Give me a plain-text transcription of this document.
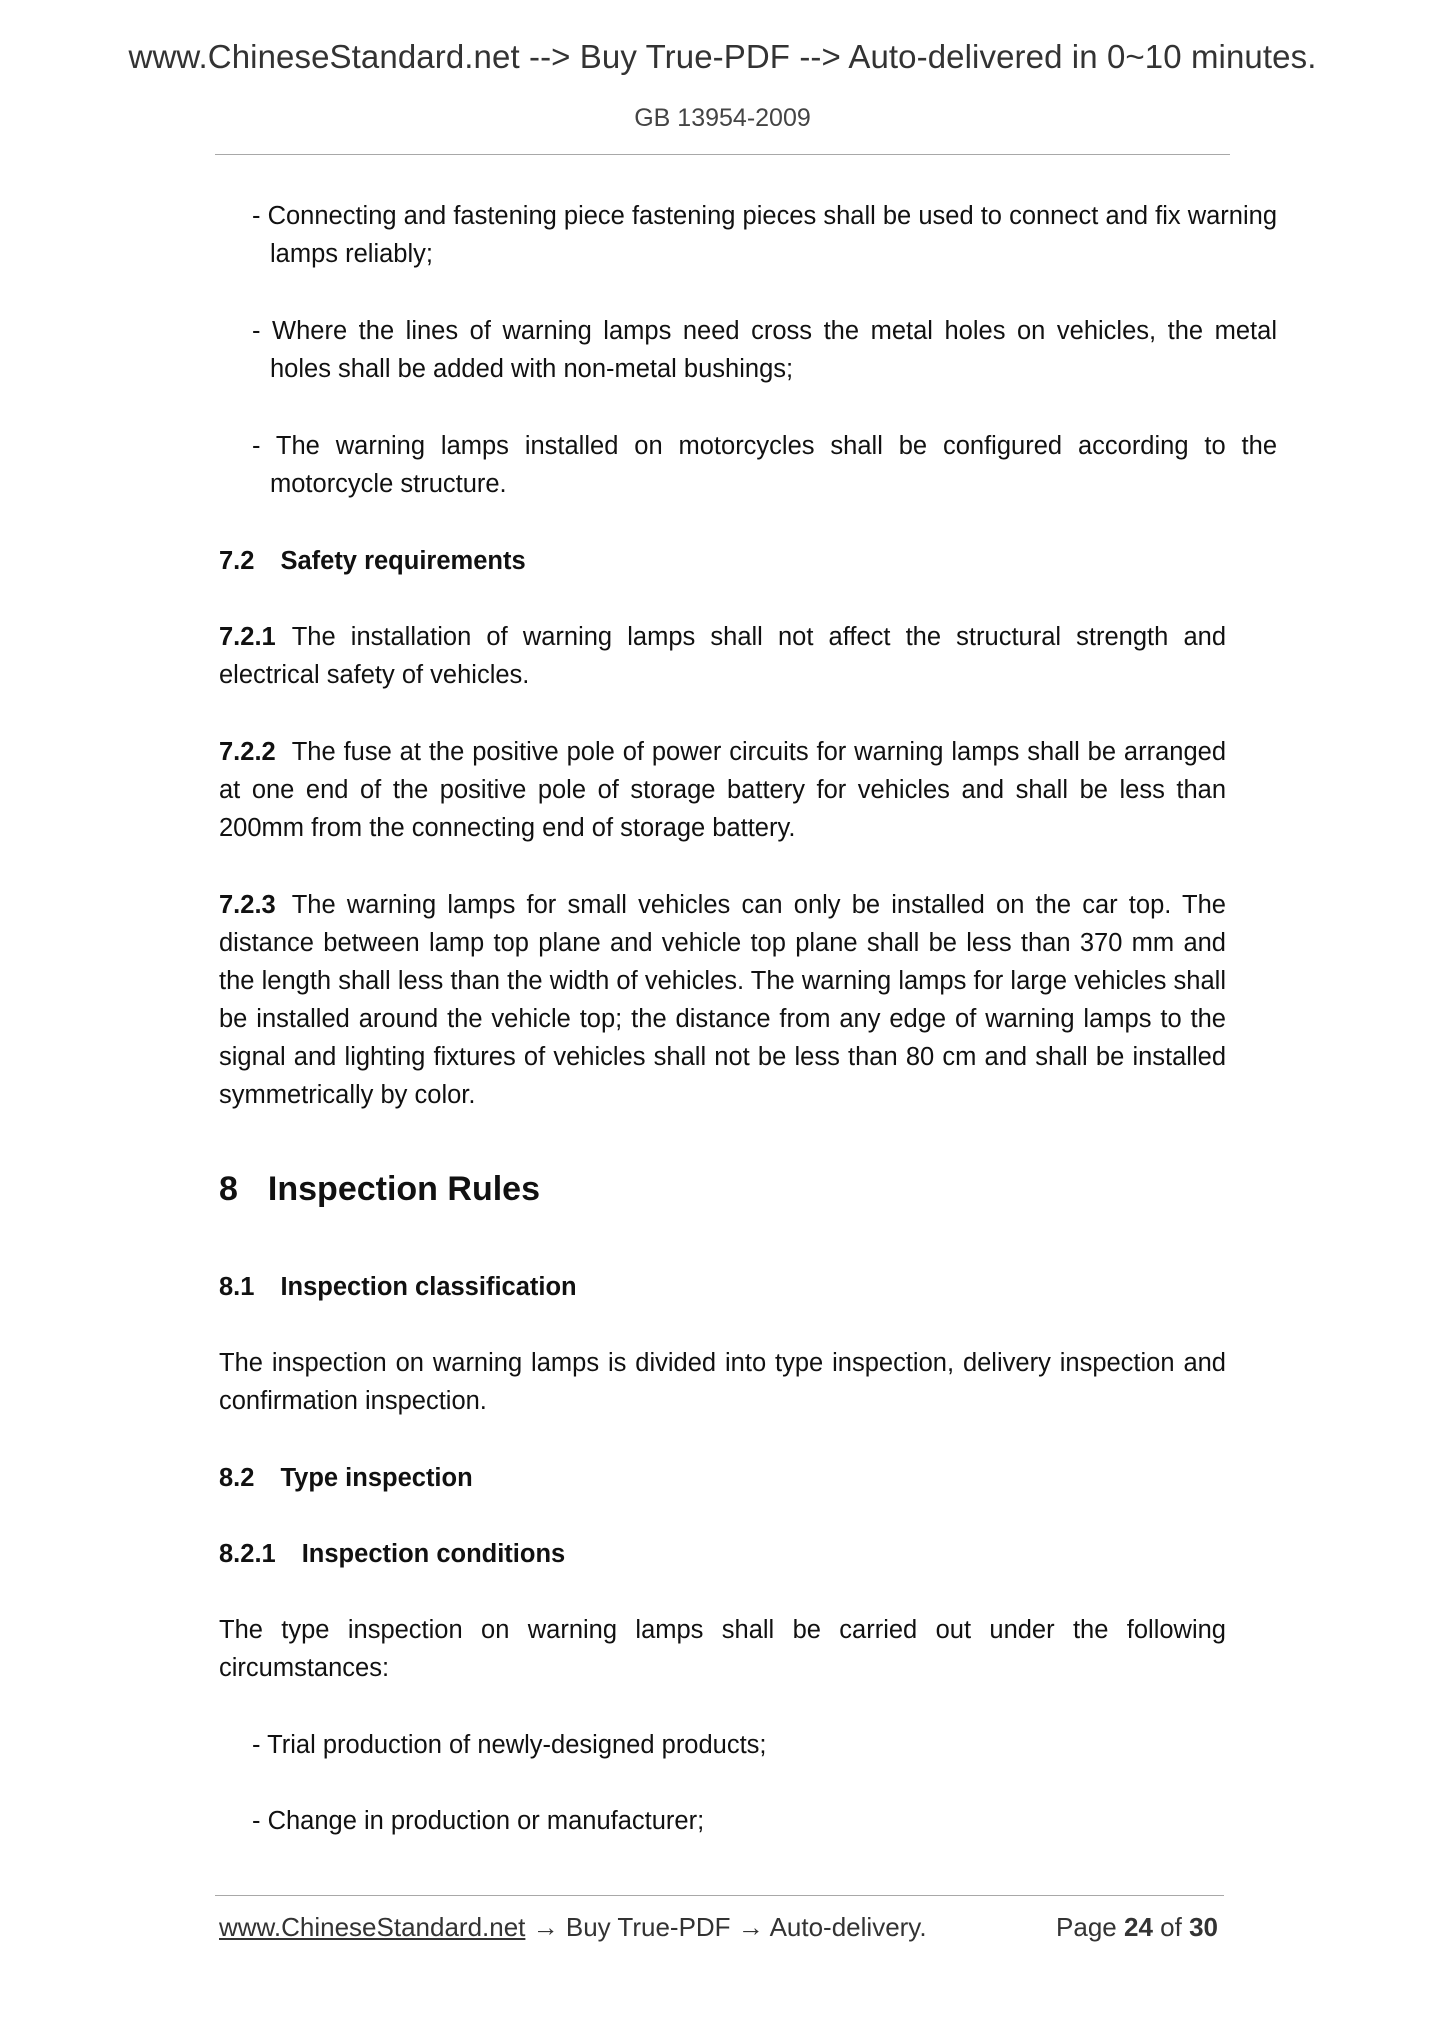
www.ChineseStandard.net --> Buy True-PDF --> Auto-delivered in 0~10 minutes.
GB 13954-2009

- Connecting and fastening piece fastening pieces shall be used to connect and fix warning lamps reliably;

- Where the lines of warning lamps need cross the metal holes on vehicles, the metal holes shall be added with non-metal bushings;

- The warning lamps installed on motorcycles shall be configured according to the motorcycle structure.

7.2 Safety requirements

7.2.1 The installation of warning lamps shall not affect the structural strength and electrical safety of vehicles.

7.2.2 The fuse at the positive pole of power circuits for warning lamps shall be arranged at one end of the positive pole of storage battery for vehicles and shall be less than 200mm from the connecting end of storage battery.

7.2.3 The warning lamps for small vehicles can only be installed on the car top. The distance between lamp top plane and vehicle top plane shall be less than 370 mm and the length shall less than the width of vehicles. The warning lamps for large vehicles shall be installed around the vehicle top; the distance from any edge of warning lamps to the signal and lighting fixtures of vehicles shall not be less than 80 cm and shall be installed symmetrically by color.

8 Inspection Rules

8.1 Inspection classification

The inspection on warning lamps is divided into type inspection, delivery inspection and confirmation inspection.

8.2 Type inspection

8.2.1 Inspection conditions

The type inspection on warning lamps shall be carried out under the following circumstances:

- Trial production of newly-designed products;

- Change in production or manufacturer;

www.ChineseStandard.net → Buy True-PDF → Auto-delivery.	Page 24 of 30
